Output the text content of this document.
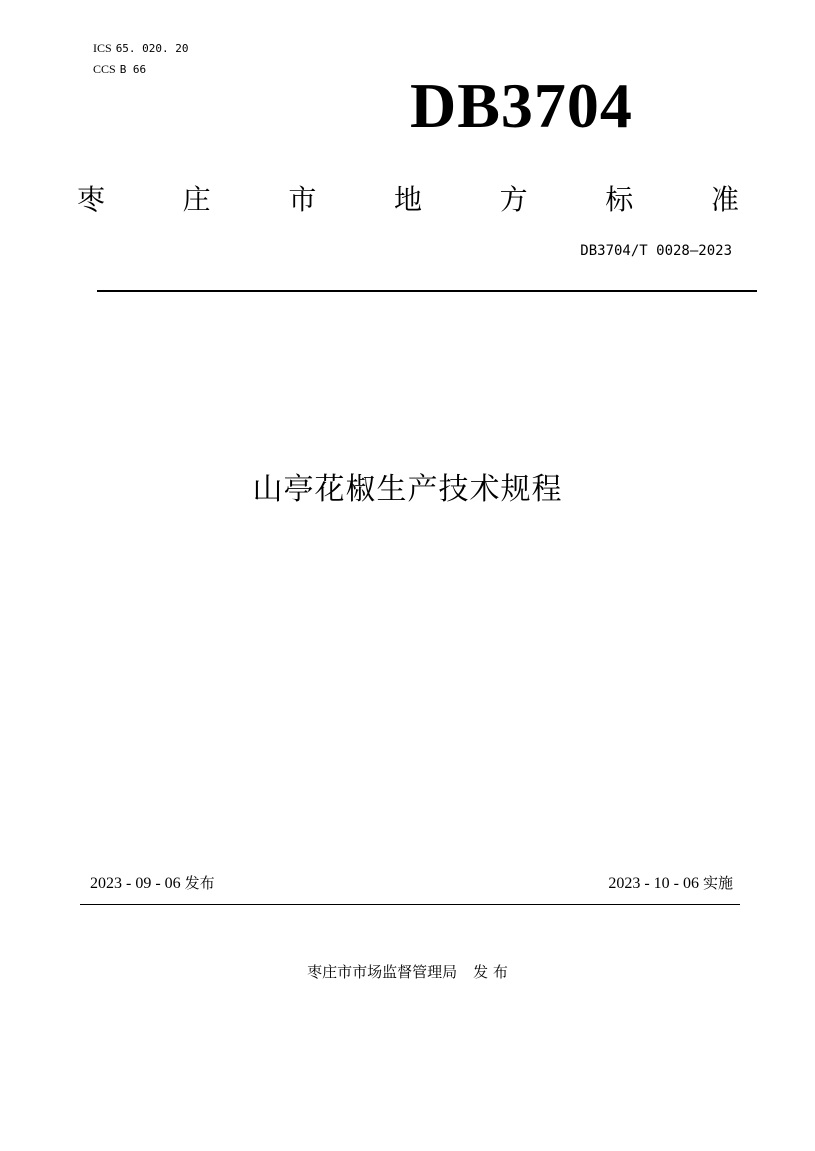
ICS 65. 020. 20
CCS B 66
DB3704
枣	庄	市	地	方	标	准
DB3704/T 0028—2023
山亭花椒生产技术规程
2023 - 09 - 06 发布	2023 - 10 - 06 实施
枣庄市市场监督管理局 发 布
